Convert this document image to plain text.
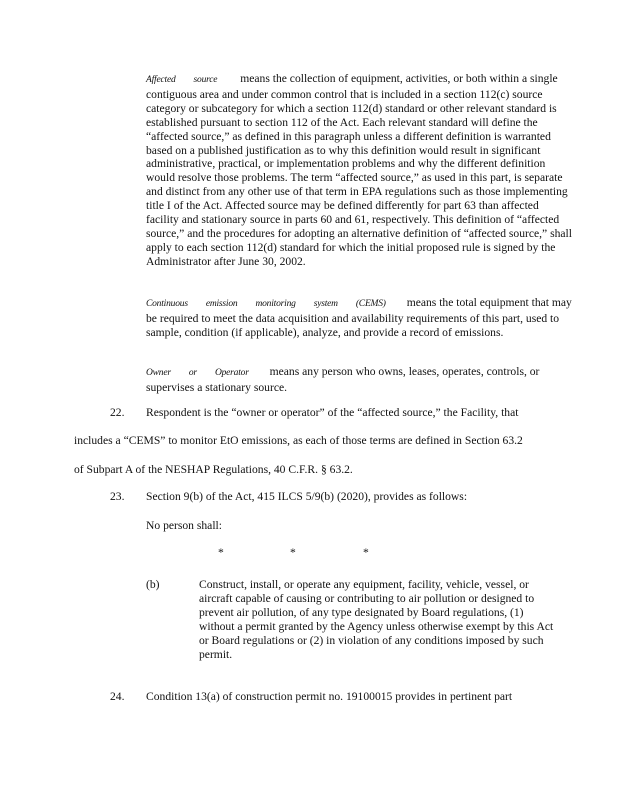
Affected source means the collection of equipment, activities, or both within a single contiguous area and under common control that is included in a section 112(c) source category or subcategory for which a section 112(d) standard or other relevant standard is established pursuant to section 112 of the Act. Each relevant standard will define the “affected source,” as defined in this paragraph unless a different definition is warranted based on a published justification as to why this definition would result in significant administrative, practical, or implementation problems and why the different definition would resolve those problems. The term “affected source,” as used in this part, is separate and distinct from any other use of that term in EPA regulations such as those implementing title I of the Act. Affected source may be defined differently for part 63 than affected facility and stationary source in parts 60 and 61, respectively. This definition of “affected source,” and the procedures for adopting an alternative definition of “affected source,” shall apply to each section 112(d) standard for which the initial proposed rule is signed by the Administrator after June 30, 2002.
Continuous emission monitoring system (CEMS) means the total equipment that may be required to meet the data acquisition and availability requirements of this part, used to sample, condition (if applicable), analyze, and provide a record of emissions.
Owner or Operator means any person who owns, leases, operates, controls, or supervises a stationary source.
22. Respondent is the “owner or operator” of the “affected source,” the Facility, that
includes a “CEMS” to monitor EtO emissions, as each of those terms are defined in Section 63.2
of Subpart A of the NESHAP Regulations, 40 C.F.R. § 63.2.
23. Section 9(b) of the Act, 415 ILCS 5/9(b) (2020), provides as follows:
No person shall:
*	*	*
(b)	Construct, install, or operate any equipment, facility, vehicle, vessel, or aircraft capable of causing or contributing to air pollution or designed to prevent air pollution, of any type designated by Board regulations, (1) without a permit granted by the Agency unless otherwise exempt by this Act or Board regulations or (2) in violation of any conditions imposed by such permit.
24. Condition 13(a) of construction permit no. 19100015 provides in pertinent part
